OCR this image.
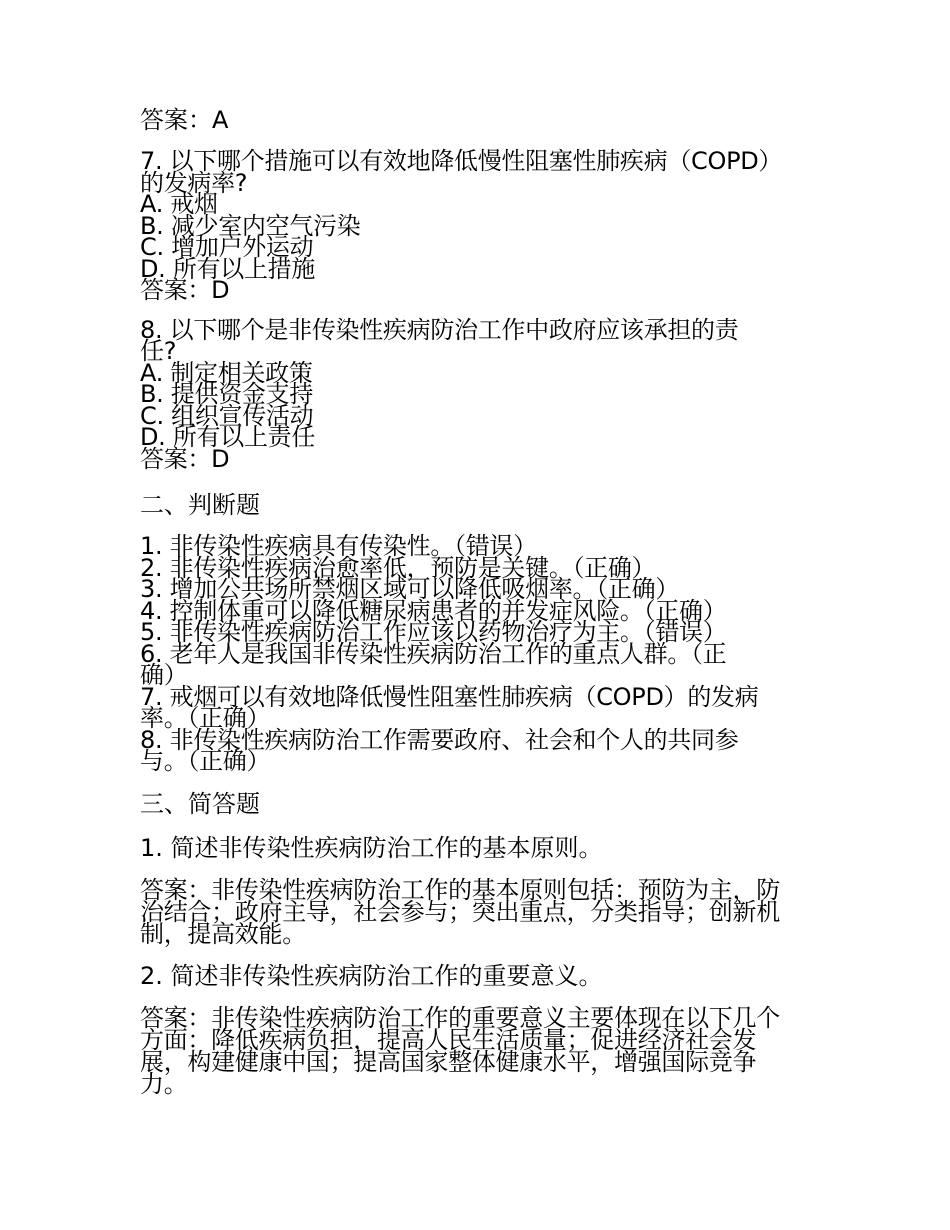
答案：A
7. 以下哪个措施可以有效地降低慢性阻塞性肺疾病（COPD）
的发病率?
A. 戒烟
B. 减少室内空气污染
C. 增加户外运动
D. 所有以上措施
答案：D
8. 以下哪个是非传染性疾病防治工作中政府应该承担的责
任?
A. 制定相关政策
B. 提供资金支持
C. 组织宣传活动
D. 所有以上责任
答案：D
二、判断题
1. 非传染性疾病具有传染性。（错误）
2. 非传染性疾病治愈率低，预防是关键。（正确）
3. 增加公共场所禁烟区域可以降低吸烟率。（正确）
4. 控制体重可以降低糖尿病患者的并发症风险。（正确）
5. 非传染性疾病防治工作应该以药物治疗为主。（错误）
6. 老年人是我国非传染性疾病防治工作的重点人群。（正
确）
7. 戒烟可以有效地降低慢性阻塞性肺疾病（COPD）的发病
率。（正确）
8. 非传染性疾病防治工作需要政府、社会和个人的共同参
与。（正确）
三、简答题
1. 简述非传染性疾病防治工作的基本原则。
答案：非传染性疾病防治工作的基本原则包括：预防为主，防
治结合；政府主导，社会参与；突出重点，分类指导；创新机
制，提高效能。
2. 简述非传染性疾病防治工作的重要意义。
答案：非传染性疾病防治工作的重要意义主要体现在以下几个
方面：降低疾病负担，提高人民生活质量；促进经济社会发
展，构建健康中国；提高国家整体健康水平，增强国际竞争
力。
